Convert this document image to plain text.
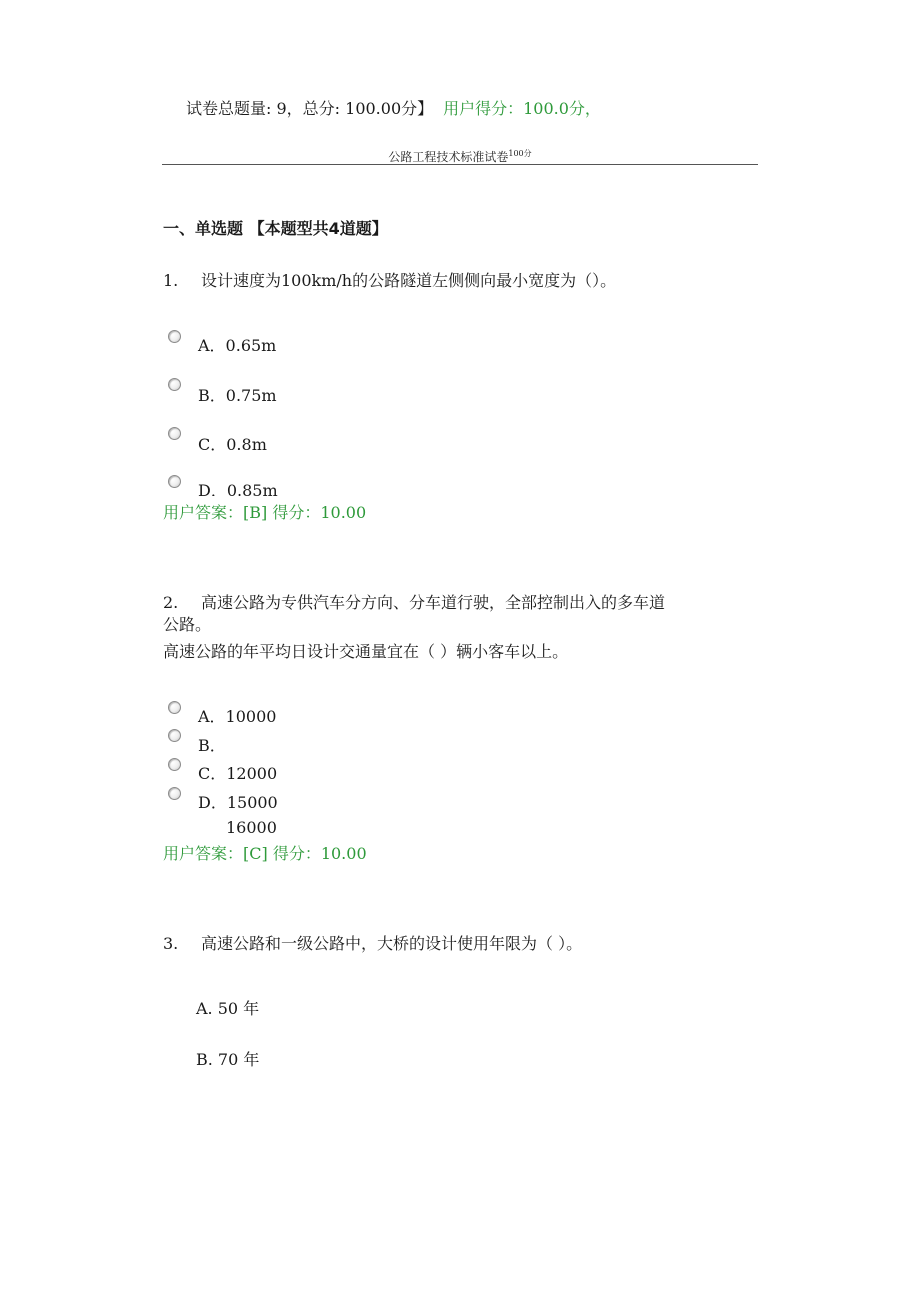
试卷总题量: 9，总分: 100.00分】 用户得分：100.0分，
公路工程技术标准试卷$^{100分}$
一、单选题 【本题型共4道题】
1. 设计速度为100km/h的公路隧道左侧侧向最小宽度为（）。
A．0.65m
B．0.75m
C．0.8m
D．0.85m
用户答案：[B] 得分：10.00
2. 高速公路为专供汽车分方向、分车道行驶，全部控制出入的多车道
公路。
高速公路的年平均日设计交通量宜在（ ）辆小客车以上。
A．10000
B．
C．12000
D．15000
16000
用户答案：[C] 得分：10.00
3. 高速公路和一级公路中，大桥的设计使用年限为（ ）。
A. 50 年
B. 70 年
